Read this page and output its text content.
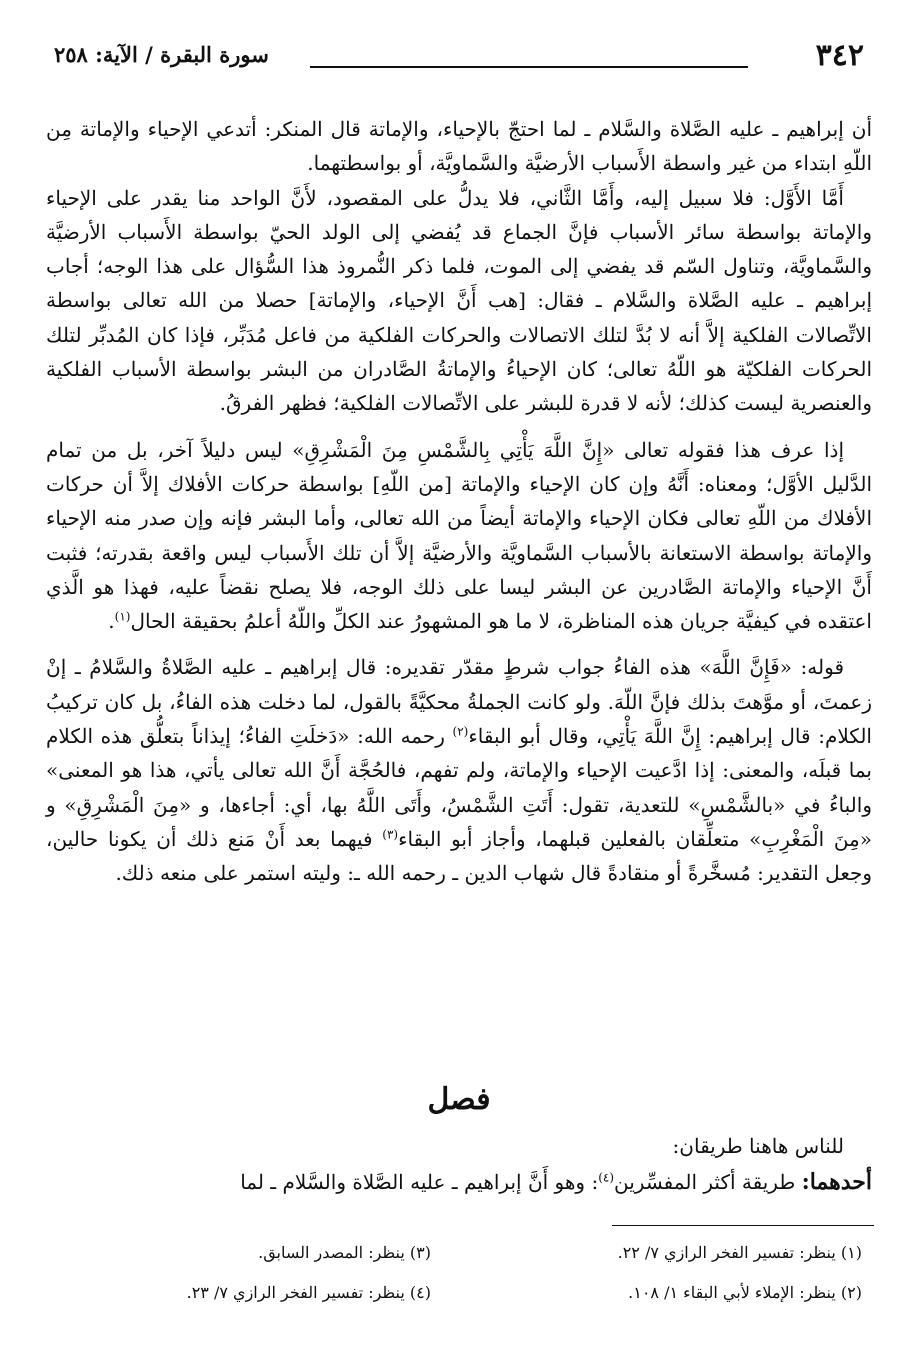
٣٤٢
سورة البقرة / الآية: ٢٥٨

أن إبراهيم ـ عليه الصَّلاة والسَّلام ـ لما احتجّ بالإحياء، والإماتة قال المنكر: أتدعي الإحياء والإماتة مِن اللّهِ ابتداء من غير واسطة الأَسباب الأرضيَّة والسَّماويَّة، أو بواسطتهما.

أَمَّا الأَوَّل: فلا سبيل إليه، وأَمَّا الثَّاني، فلا يدلُّ على المقصود، لأَنَّ الواحد منا يقدر على الإحياء والإماتة بواسطة سائر الأسباب فإنَّ الجماع قد يُفضي إلى الولد الحيّ بواسطة الأَسباب الأرضيَّة والسَّماويَّة، وتناول السّم قد يفضي إلى الموت، فلما ذكر النُّمروذ هذا السُّؤال على هذا الوجه؛ أجاب إبراهيم ـ عليه الصَّلاة والسَّلام ـ فقال: [هب أَنَّ الإحياء، والإماتة] حصلا من الله تعالى بواسطة الاتِّصالات الفلكية إلاَّ أنه لا بُدَّ لتلك الاتصالات والحركات الفلكية من فاعل مُدَبِّر، فإذا كان المُدبِّر لتلك الحركات الفلكيّة هو اللّهُ تعالى؛ كان الإحياءُ والإماتةُ الصَّادران من البشر بواسطة الأسباب الفلكية والعنصرية ليست كذلك؛ لأنه لا قدرة للبشر على الاتِّصالات الفلكية؛ فظهر الفرقُ.

إذا عرف هذا فقوله تعالى «إِنَّ اللَّهَ يَأْتِي بِالشَّمْسِ مِنَ الْمَشْرِقِ» ليس دليلاً آخر، بل من تمام الدَّليل الأوَّل؛ ومعناه: أَنَّهُ وإن كان الإحياء والإماتة [من اللّهِ] بواسطة حركات الأفلاك إلاَّ أن حركات الأفلاك من اللّهِ تعالى فكان الإحياء والإماتة أيضاً من الله تعالى، وأما البشر فإنه وإن صدر منه الإحياء والإماتة بواسطة الاستعانة بالأسباب السَّماويَّة والأرضيَّة إلاَّ أن تلك الأَسباب ليس واقعة بقدرته؛ فثبت أَنَّ الإحياء والإماتة الصَّادرين عن البشر ليسا على ذلك الوجه، فلا يصلح نقضاً عليه، فهذا هو الَّذي اعتقده في كيفيَّة جريان هذه المناظرة، لا ما هو المشهورُ عند الكلِّ واللّهُ أعلمُ بحقيقة الحال$^{(١)}$.

قوله: «فَإِنَّ اللَّهَ» هذه الفاءُ جواب شرطٍ مقدّر تقديره: قال إبراهيم ـ عليه الصَّلاةُ والسَّلامُ ـ إنْ زعمتَ، أو موَّهتَ بذلك فإنَّ اللّهَ. ولو كانت الجملةُ محكيَّةً بالقول، لما دخلت هذه الفاءُ، بل كان تركيبُ الكلام: قال إبراهيم: إِنَّ اللَّهَ يَأْتِي، وقال أبو البقاء$^{(٢)}$ رحمه الله: «دَخلَتِ الفاءُ؛ إيذاناً بتعلُّق هذه الكلام بما قبلَه، والمعنى: إذا ادَّعيت الإحياء والإماتة، ولم تفهم، فالحُجَّة أَنَّ الله تعالى يأتي، هذا هو المعنى» والباءُ في «بالشَّمْسِ» للتعدية، تقول: أَتَتِ الشَّمْسُ، وأَتَى اللَّهُ بها، أي: أجاءها، و «مِنَ الْمَشْرِقِ» و «مِنَ الْمَغْرِبِ» متعلِّقان بالفعلين قبلهما، وأجاز أبو البقاء$^{(٣)}$ فيهما بعد أَنْ مَنع ذلك أن يكونا حالين، وجعل التقدير: مُسخَّرةً أو منقادةً قال شهاب الدين ـ رحمه الله ـ: وليته استمر على منعه ذلك.

فصل

للناس هاهنا طريقان:

أحدهما: طريقة أكثر المفسِّرين$^{(٤)}$: وهو أَنَّ إبراهيم ـ عليه الصَّلاة والسَّلام ـ لما

(١) ينظر: تفسير الفخر الرازي ٧/ ٢٢.
(٣) ينظر: المصدر السابق.
(٢) ينظر: الإملاء لأبي البقاء ١/ ١٠٨.
(٤) ينظر: تفسير الفخر الرازي ٧/ ٢٣.
